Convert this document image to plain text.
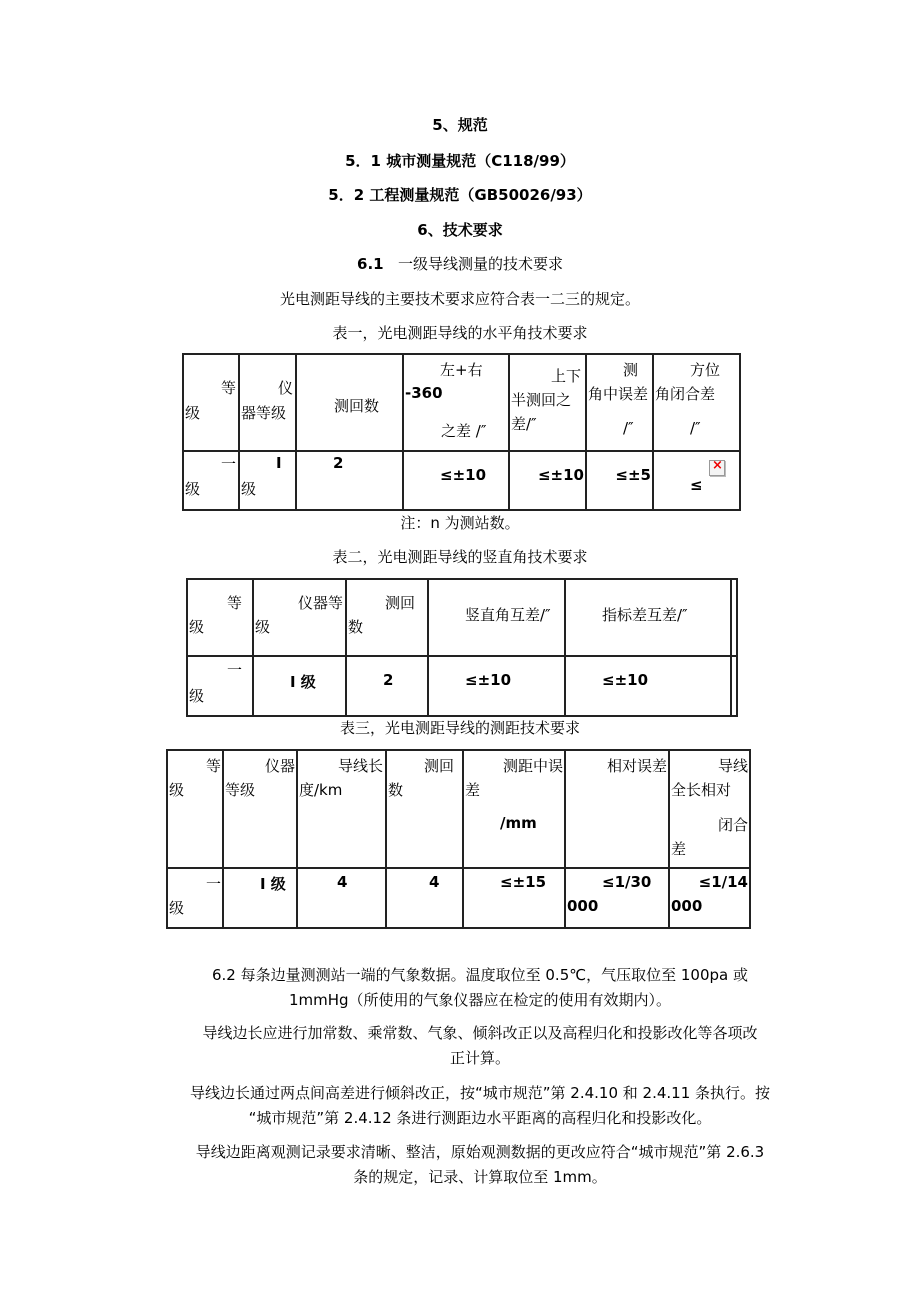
5、规范
5．1 城市测量规范（C118/99）
5．2 工程测量规范（GB50026/93）
6、技术要求
6.1 一级导线测量的技术要求
光电测距导线的主要技术要求应符合表一二三的规定。
表一，光电测距导线的水平角技术要求
等
级	仪
器等级	测回数	左+右
-360
之差 /″	上下
半测回之
差/″	测
角中误差
/″	方位
角闭合差
/″

一
级	I
级	2	≤±10	≤±10	≤±5	≤
×
注：n 为测站数。
表二，光电测距导线的竖直角技术要求
等
级	仪器等
级	测回
数	竖直角互差/″	指标差互差/″	

一
级	I 级	2	≤±10	≤±10	

表三，光电测距导线的测距技术要求
等
级	仪器
等级	导线长
度/km	测回
数	测距中误
差
/mm	相对误差	导线
全长相对
闭合
差

一
级	I 级	4	4	≤±15	≤1/30
000	≤1/14
000
6.2 每条边量测测站一端的气象数据。温度取位至 0.5℃，气压取位至 100pa 或
1mmHg（所使用的气象仪器应在检定的使用有效期内）。
导线边长应进行加常数、乘常数、气象、倾斜改正以及高程归化和投影改化等各项改
正计算。
导线边长通过两点间高差进行倾斜改正，按“城市规范”第 2.4.10 和 2.4.11 条执行。按
“城市规范”第 2.4.12 条进行测距边水平距离的高程归化和投影改化。
导线边距离观测记录要求清晰、整洁，原始观测数据的更改应符合“城市规范”第 2.6.3
条的规定，记录、计算取位至 1mm。
